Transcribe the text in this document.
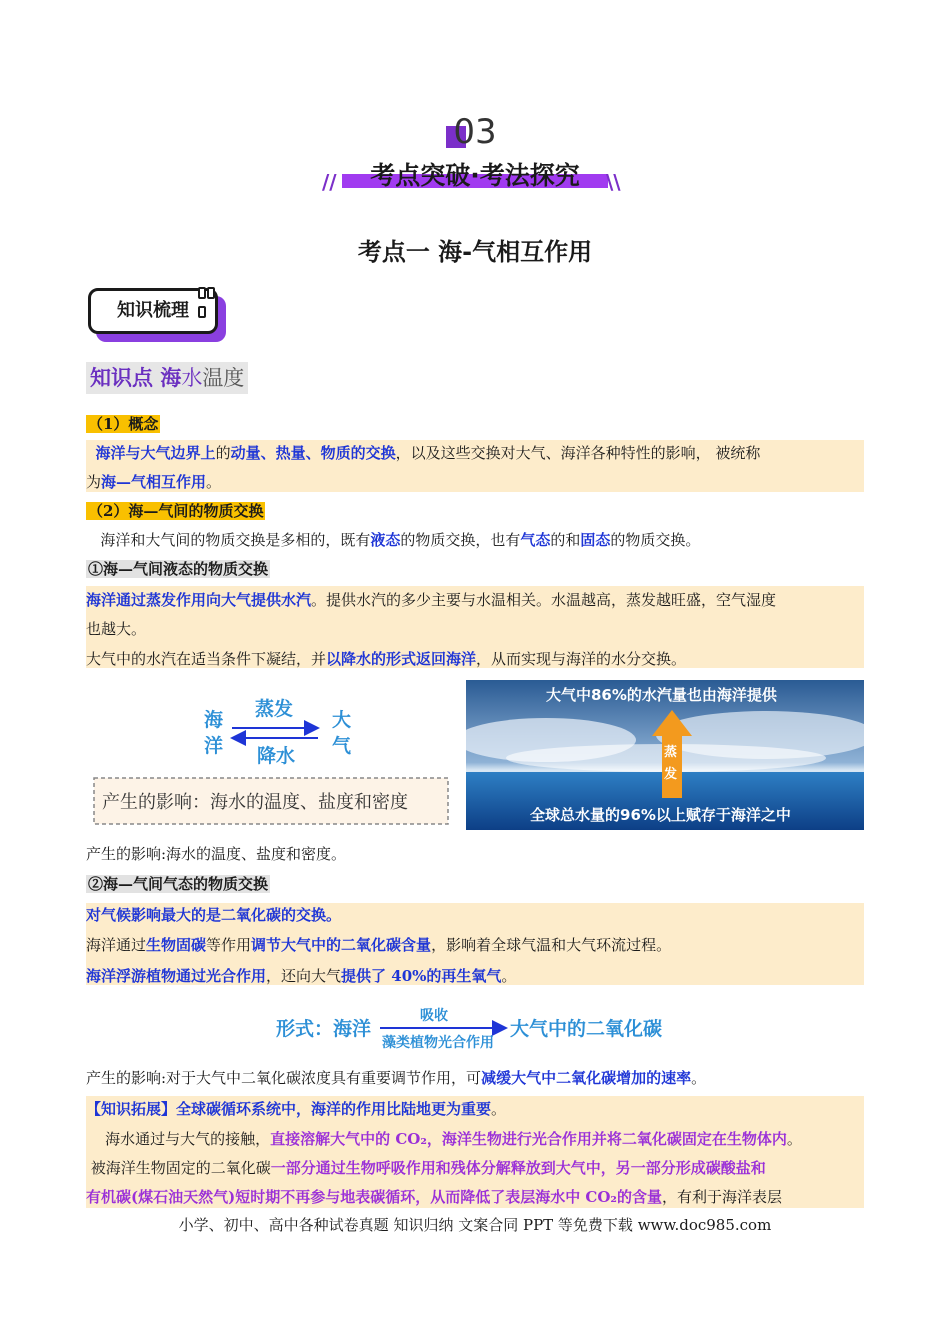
03
考点突破·考法探究
//	\\
考点一 海-气相互作用
知识梳理
知识点 海水温度
（1）概念
海洋与大气边界上的动量、热量、物质的交换，以及这些交换对大气、海洋各种特性的影响， 被统称
为海—气相互作用。
（2）海—气间的物质交换
海洋和大气间的物质交换是多相的，既有液态的物质交换，也有气态的和固态的物质交换。
①海—气间液态的物质交换
海洋通过蒸发作用向大气提供水汽。提供水汽的多少主要与水温相关。水温越高，蒸发越旺盛，空气湿度
也越大。
大气中的水汽在适当条件下凝结，并以降水的形式返回海洋，从而实现与海洋的水分交换。
海
洋
蒸发
降水
大
气
产生的影响：海水的温度、盐度和密度
大气中86%的水汽量也由海洋提供
蒸
发
全球总水量的96%以上赋存于海洋之中
产生的影响:海水的温度、盐度和密度。
②海—气间气态的物质交换
对气候影响最大的是二氧化碳的交换。
海洋通过生物固碳等作用调节大气中的二氧化碳含量，影响着全球气温和大气环流过程。
海洋浮游植物通过光合作用，还向大气提供了 40%的再生氧气。
形式：海洋
吸收
藻类植物光合作用
大气中的二氧化碳
产生的影响:对于大气中二氧化碳浓度具有重要调节作用，可减缓大气中二氧化碳增加的速率。
【知识拓展】全球碳循环系统中，海洋的作用比陆地更为重要。
海水通过与大气的接触，直接溶解大气中的 CO₂，海洋生物进行光合作用并将二氧化碳固定在生物体内。
被海洋生物固定的二氧化碳一部分通过生物呼吸作用和残体分解释放到大气中，另一部分形成碳酸盐和
有机碳(煤石油天然气)短时期不再参与地表碳循环，从而降低了表层海水中 CO₂的含量，有利于海洋表层
小学、初中、高中各种试卷真题 知识归纳 文案合同 PPT 等免费下载 www.doc985.com
